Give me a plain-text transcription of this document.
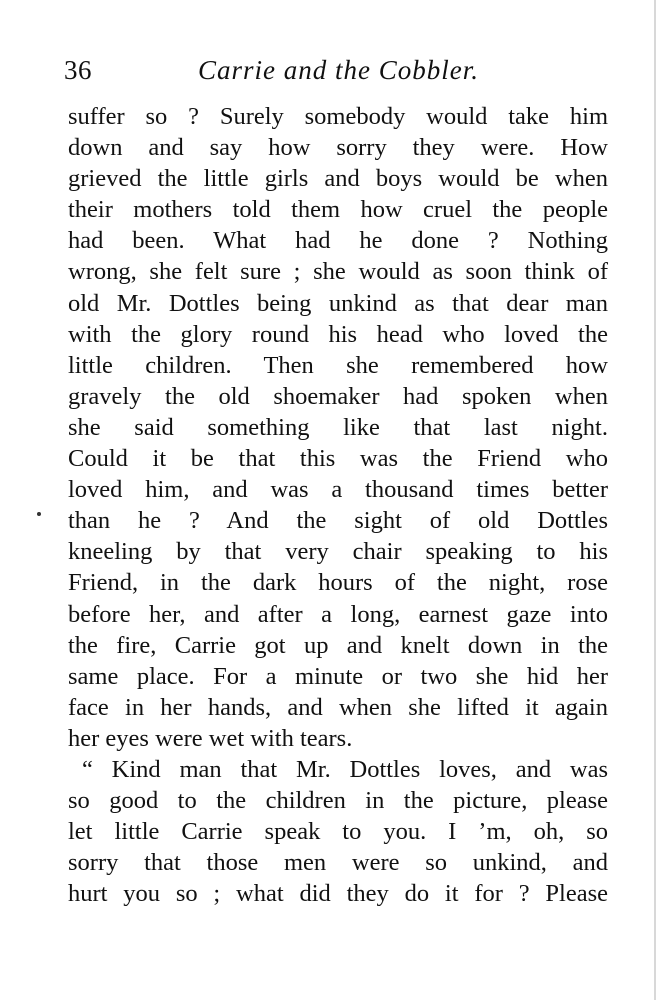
36	Carrie and the Cobbler.
suffer so ? Surely somebody would take him
down and say how sorry they were. How
grieved the little girls and boys would be when
their mothers told them how cruel the people
had been. What had he done ? Nothing
wrong, she felt sure ; she would as soon think of
old Mr. Dottles being unkind as that dear man
with the glory round his head who loved the
little children. Then she remembered how
gravely the old shoemaker had spoken when
she said something like that last night.
Could it be that this was the Friend who
loved him, and was a thousand times better
than he ? And the sight of old Dottles
kneeling by that very chair speaking to his
Friend, in the dark hours of the night, rose
before her, and after a long, earnest gaze into
the fire, Carrie got up and knelt down in the
same place. For a minute or two she hid her
face in her hands, and when she lifted it again
her eyes were wet with tears.
“ Kind man that Mr. Dottles loves, and was
so good to the children in the picture, please
let little Carrie speak to you. I ’m, oh, so
sorry that those men were so unkind, and
hurt you so ; what did they do it for ? Please
